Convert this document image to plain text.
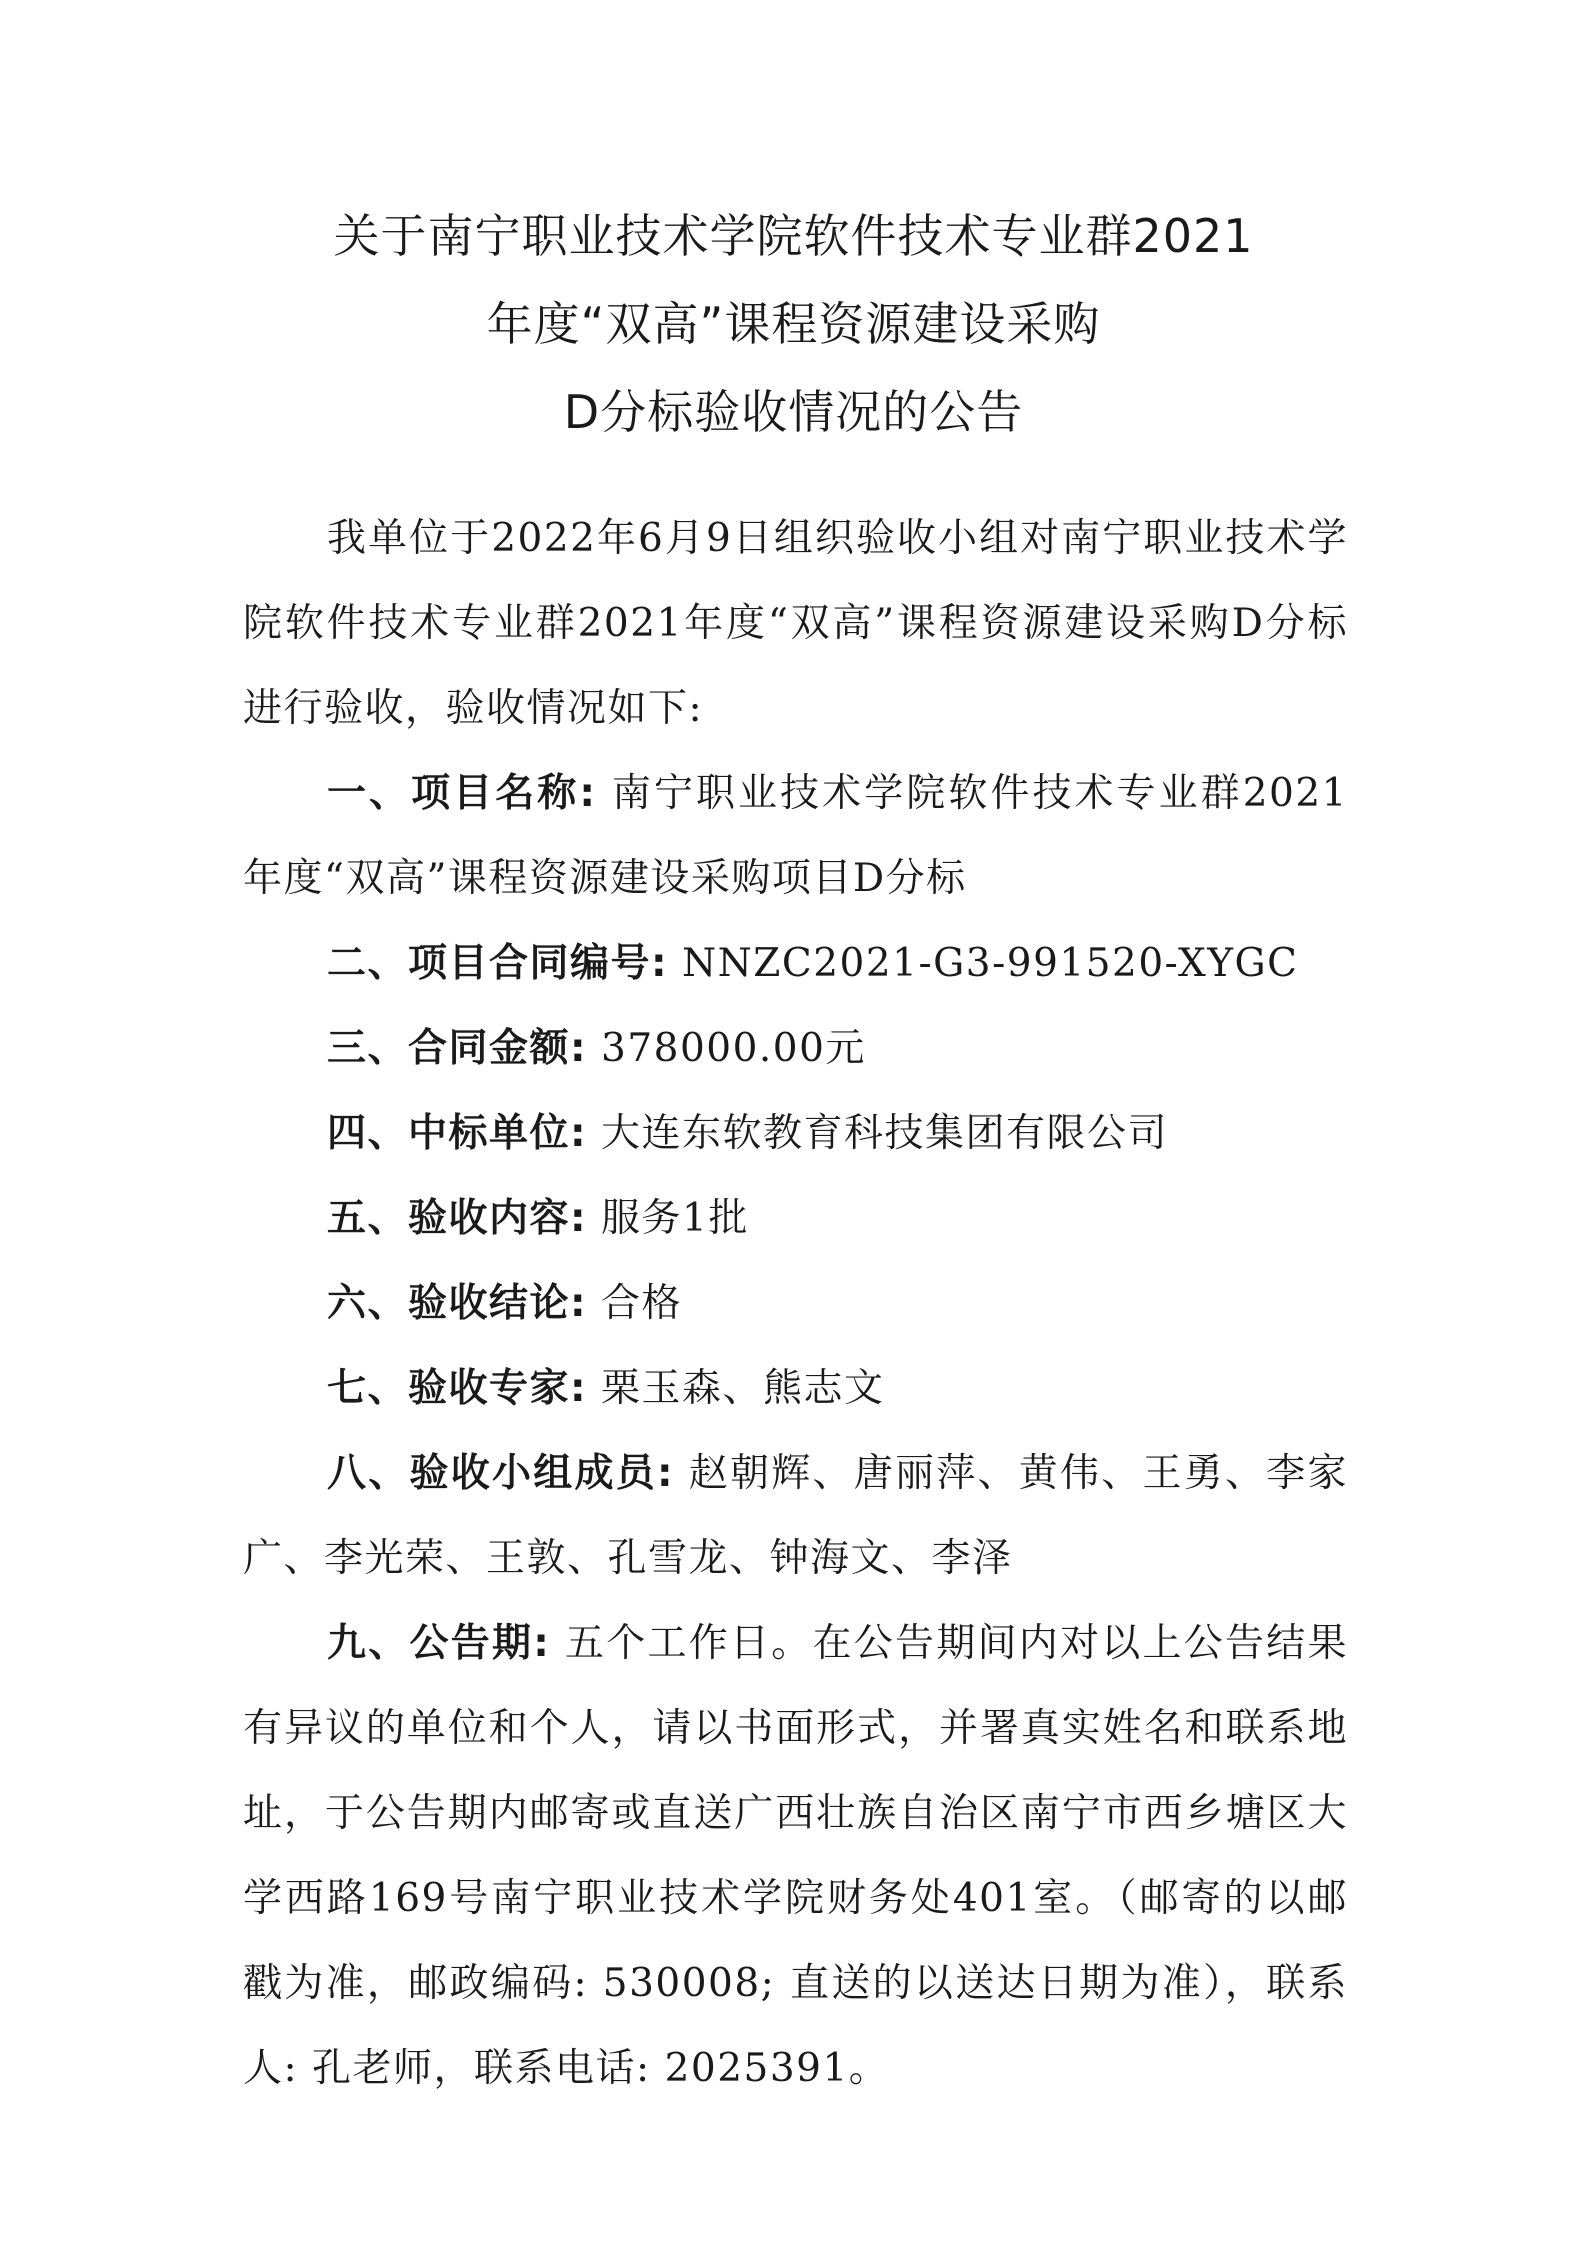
关于南宁职业技术学院软件技术专业群2021
年度“双高”课程资源建设采购
D分标验收情况的公告

我单位于2022年6月9日组织验收小组对南宁职业技术学院软件技术专业群2021年度“双高”课程资源建设采购D分标进行验收，验收情况如下:

一、项目名称: 南宁职业技术学院软件技术专业群2021年度“双高”课程资源建设采购项目D分标

二、项目合同编号: NNZC2021-G3-991520-XYGC

三、合同金额: 378000.00元

四、中标单位: 大连东软教育科技集团有限公司

五、验收内容: 服务1批

六、验收结论: 合格

七、验收专家: 栗玉森、熊志文

八、验收小组成员: 赵朝辉、唐丽萍、黄伟、王勇、李家广、李光荣、王敦、孔雪龙、钟海文、李泽

九、公告期: 五个工作日。在公告期间内对以上公告结果有异议的单位和个人，请以书面形式，并署真实姓名和联系地址，于公告期内邮寄或直送广西壮族自治区南宁市西乡塘区大学西路169号南宁职业技术学院财务处401室。（邮寄的以邮戳为准，邮政编码: 530008; 直送的以送达日期为准），联系人: 孔老师，联系电话: 2025391。
